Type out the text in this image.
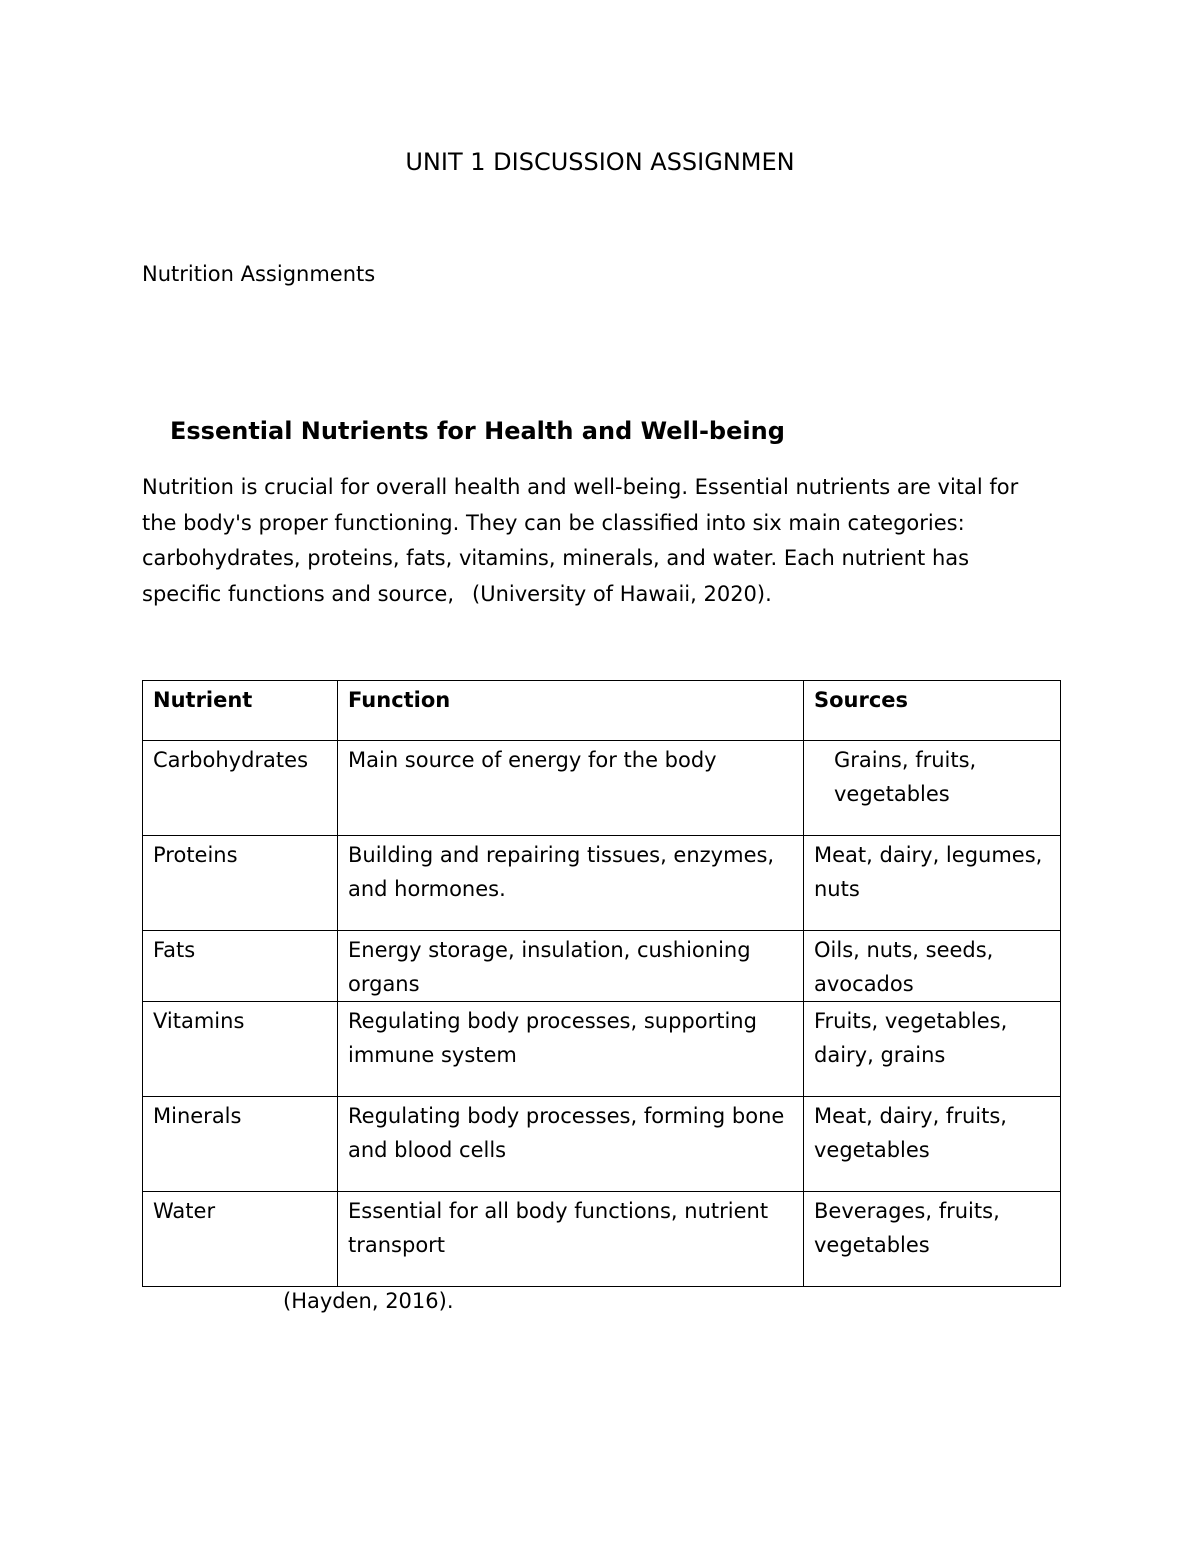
UNIT 1 DISCUSSION ASSIGNMEN

Nutrition Assignments

Essential Nutrients for Health and Well-being

Nutrition is crucial for overall health and well-being. Essential nutrients are vital for the body's proper functioning. They can be classified into six main categories: carbohydrates, proteins, fats, vitamins, minerals, and water. Each nutrient has specific functions and source, (University of Hawaii, 2020).

Nutrient	Function	Sources
Carbohydrates	Main source of energy for the body	Grains, fruits, vegetables
Proteins	Building and repairing tissues, enzymes, and hormones.	Meat, dairy, legumes, nuts
Fats	Energy storage, insulation, cushioning organs	Oils, nuts, seeds, avocados
Vitamins	Regulating body processes, supporting immune system	Fruits, vegetables, dairy, grains
Minerals	Regulating body processes, forming bone and blood cells	Meat, dairy, fruits, vegetables
Water	Essential for all body functions, nutrient transport	Beverages, fruits, vegetables

(Hayden, 2016).
